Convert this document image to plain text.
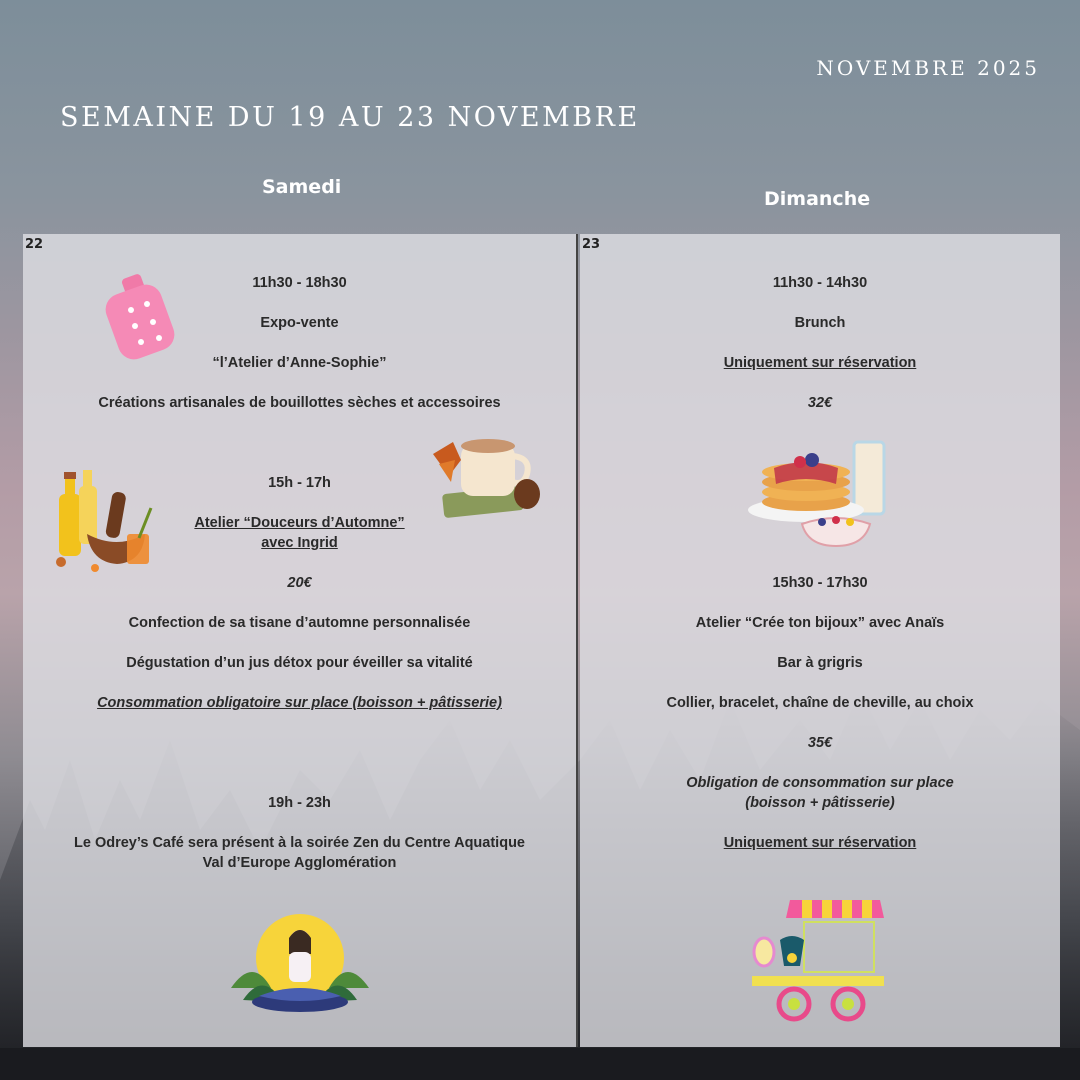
NOVEMBRE 2025
SEMAINE DU 19 AU 23 NOVEMBRE
Samedi
Dimanche
22
11h30 - 18h30
Expo-vente
“l’Atelier d’Anne-Sophie”
Créations artisanales de bouillottes sèches et accessoires
15h - 17h
Atelier “Douceurs d’Automne”
avec Ingrid
20€
Confection de sa tisane d’automne personnalisée
Dégustation d’un jus détox pour éveiller sa vitalité
Consommation obligatoire sur place (boisson + pâtisserie)
19h - 23h
Le Odrey’s Café sera présent à la soirée Zen du Centre Aquatique
Val d’Europe Agglomération
23
11h30 - 14h30
Brunch
Uniquement sur réservation
32€
15h30 - 17h30
Atelier “Crée ton bijoux” avec Anaïs
Bar à grigris
Collier, bracelet, chaîne de cheville, au choix
35€
Obligation de consommation sur place
(boisson + pâtisserie)
Uniquement sur réservation
